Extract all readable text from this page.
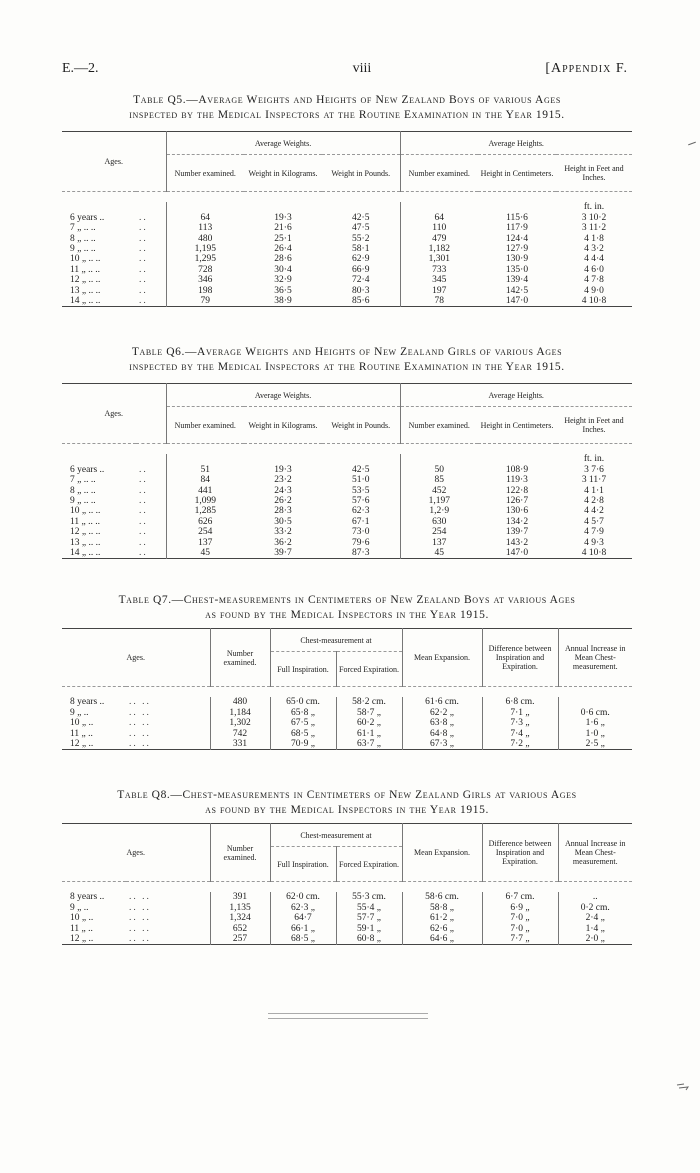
E.—2.	viii	[Appendix F.
Table Q5.—Average Weights and Heights of New Zealand Boys of various Ages
inspected by the Medical Inspectors at the Routine Examination in the Year 1915.
Ages.		Average Weights.			Average Heights.		
		Number examined.	Weight in Kilograms.	Weight in Pounds.	Number examined.	Height in Centimeters.	Height in Feet and Inches.

							ft. in.
6 years ..	..	64	19·3	42·5	64	115·6	3 10·2
7 „ .. ..	..	113	21·6	47·5	110	117·9	3 11·2
8 „ .. ..	..	480	25·1	55·2	479	124·4	4 1·8
9 „ .. ..	..	1,195	26·4	58·1	1,182	127·9	4 3·2
10 „ .. ..	..	1,295	28·6	62·9	1,301	130·9	4 4·4
11 „ .. ..	..	728	30·4	66·9	733	135·0	4 6·0
12 „ .. ..	..	346	32·9	72·4	345	139·4	4 7·8
13 „ .. ..	..	198	36·5	80·3	197	142·5	4 9·0
14 „ .. ..	..	79	38·9	85·6	78	147·0	4 10·8
Table Q6.—Average Weights and Heights of New Zealand Girls of various Ages
inspected by the Medical Inspectors at the Routine Examination in the Year 1915.
Ages.		Average Weights.			Average Heights.		
		Number examined.	Weight in Kilograms.	Weight in Pounds.	Number examined.	Height in Centimeters.	Height in Feet and Inches.

							ft. in.
6 years ..	..	51	19·3	42·5	50	108·9	3 7·6
7 „ .. ..	..	84	23·2	51·0	85	119·3	3 11·7
8 „ .. ..	..	441	24·3	53·5	452	122·8	4 1·1
9 „ .. ..	..	1,099	26·2	57·6	1,197	126·7	4 2·8
10 „ .. ..	..	1,285	28·3	62·3	1,2·9	130·6	4 4·2
11 „ .. ..	..	626	30·5	67·1	630	134·2	4 5·7
12 „ .. ..	..	254	33·2	73·0	254	139·7	4 7·9
13 „ .. ..	..	137	36·2	79·6	137	143·2	4 9·3
14 „ .. ..	..	45	39·7	87·3	45	147·0	4 10·8
Table Q7.—Chest-measurements in Centimeters of New Zealand Boys at various Ages
as found by the Medical Inspectors in the Year 1915.
Ages.		Number examined.	Chest-measurement at		Mean Expansion.	Difference between Inspiration and Expiration.	Annual Increase in Mean Chest-measurement.
			Full Inspiration.	Forced Expiration.			

8 years ..	.. ..	480	65·0 cm.	58·2 cm.	61·6 cm.	6·8 cm.	
9 „ ..	.. ..	1,184	65·8 „	58·7 „	62·2 „	7·1 „	0·6 cm.
10 „ ..	.. ..	1,302	67·5 „	60·2 „	63·8 „	7·3 „	1·6 „
11 „ ..	.. ..	742	68·5 „	61·1 „	64·8 „	7·4 „	1·0 „
12 „ ..	.. ..	331	70·9 „	63·7 „	67·3 „	7·2 „	2·5 „
Table Q8.—Chest-measurements in Centimeters of New Zealand Girls at various Ages
as found by the Medical Inspectors in the Year 1915.
Ages.		Number examined.	Chest-measurement at		Mean Expansion.	Difference between Inspiration and Expiration.	Annual Increase in Mean Chest-measurement.
			Full Inspiration.	Forced Expiration.			

8 years ..	.. ..	391	62·0 cm.	55·3 cm.	58·6 cm.	6·7 cm.	..
9 „ ..	.. ..	1,135	62·3 „	55·4 „	58·8 „	6·9 „	0·2 cm.
10 „ ..	.. ..	1,324	64·7	57·7 „	61·2 „	7·0 „	2·4 „
11 „ ..	.. ..	652	66·1 „	59·1 „	62·6 „	7·0 „	1·4 „
12 „ ..	.. ..	257	68·5 „	60·8 „	64·6 „	7·7 „	2·0 „
